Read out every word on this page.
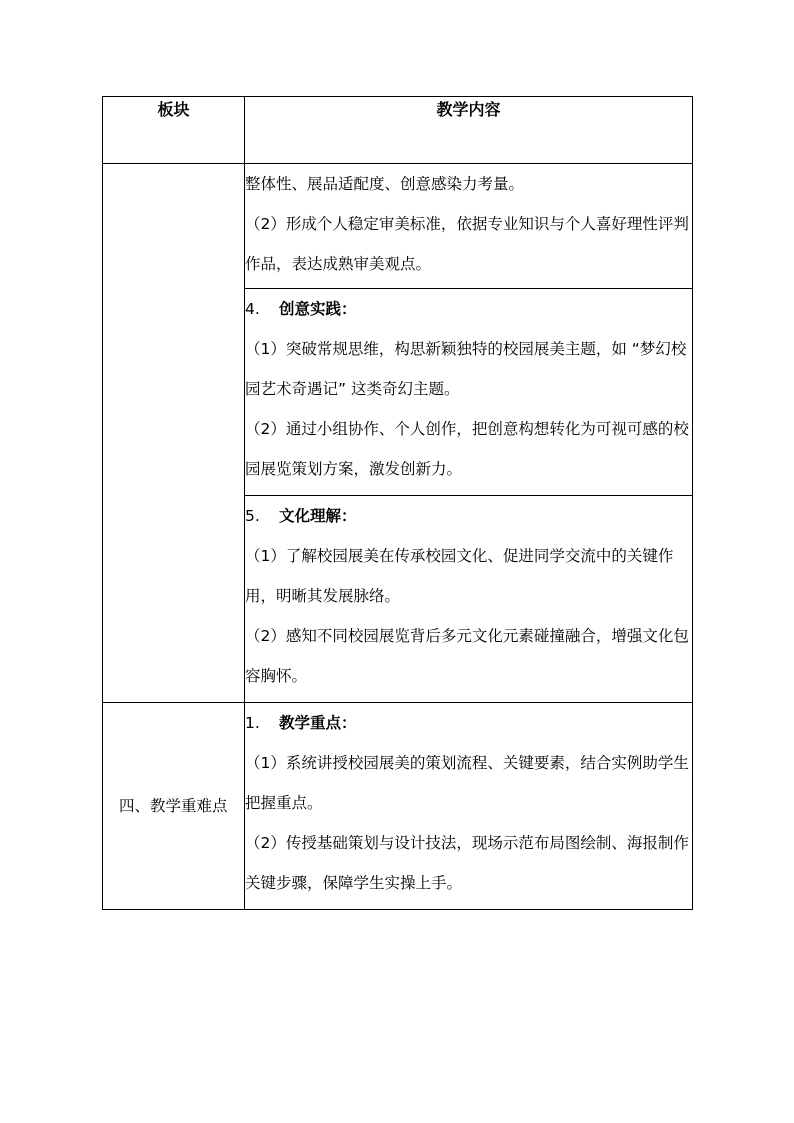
板块	教学内容

	整体性、展品适配度、创意感染力考量。

（2）形成个人稳定审美标准，依据专业知识与个人喜好理性评判作品，表达成熟审美观点。

	4. 创意实践：

（1）突破常规思维，构思新颖独特的校园展美主题，如 “梦幻校园艺术奇遇记” 这类奇幻主题。

（2）通过小组协作、个人创作，把创意构想转化为可视可感的校园展览策划方案，激发创新力。

	5. 文化理解：

（1）了解校园展美在传承校园文化、促进同学交流中的关键作用，明晰其发展脉络。

（2）感知不同校园展览背后多元文化元素碰撞融合，增强文化包容胸怀。

四、教学重难点	1. 教学重点：

（1）系统讲授校园展美的策划流程、关键要素，结合实例助学生把握重点。

（2）传授基础策划与设计技法，现场示范布局图绘制、海报制作关键步骤，保障学生实操上手。
